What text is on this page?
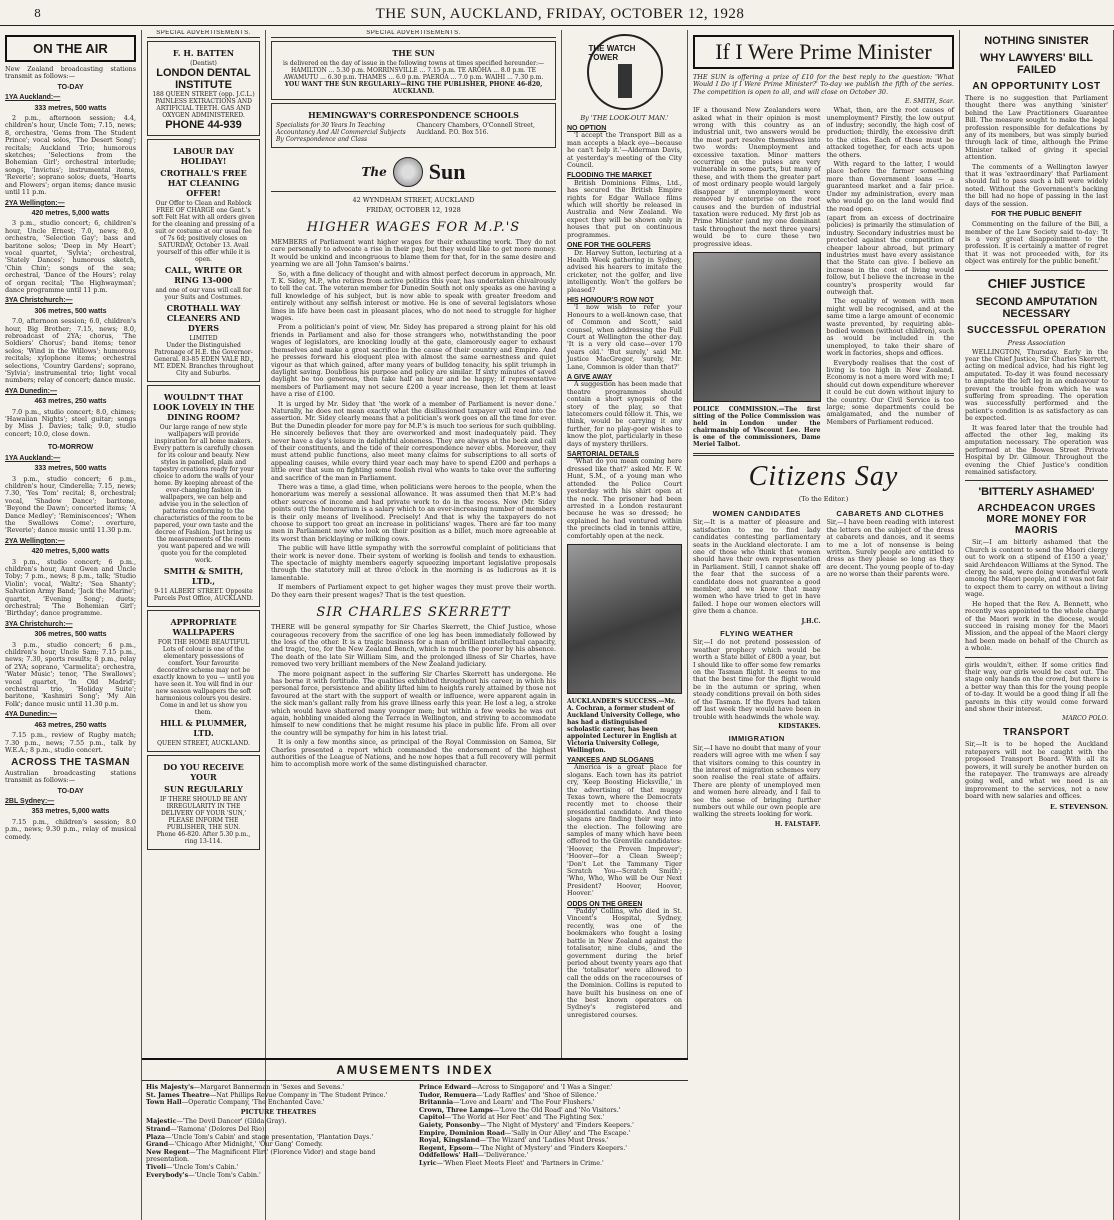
8	THE SUN, AUCKLAND, FRIDAY, OCTOBER 12, 1928
ON THE AIR

New Zealand broadcasting stations transmit as follows:—

TO-DAY
1YA Auckland:—
333 metres, 500 watts

2 p.m., afternoon session; 4.4, children's hour, Uncle Tom; 7.15, news; 8, orchestra, 'Gems from The Student Prince'; vocal solos, 'The Desert Song'; recitals; Auckland Trio; humorous sketches; 'Selections from the Bohemian Girl'; orchestral interlude; songs, 'Invictus'; instrumental items, 'Reverie'; soprano solos; duets, 'Hearts and Flowers'; organ items; dance music until 11 p.m.

2YA Wellington:—
420 metres, 5,000 watts

3 p.m., studio concert; 6, children's hour, Uncle Ernest; 7.0, news; 8.0, orchestra, 'Selection Gay'; bass and baritone solos; 'Deep in My Heart'; vocal quartet, 'Sylvia'; orchestral, 'Stately Dances'; humorous sketch, 'Chin Chin'; songs of the sea; orchestral, 'Dance of the Hours'; relay of organ recital; 'The Highwayman'; dance programme until 11 p.m.

3YA Christchurch:—
306 metres, 500 watts

7.0, afternoon session; 6.0, children's hour, Big Brother; 7.15, news; 8.0, rebroadcast of 2YA; chorus, 'The Soldiers' Chorus'; band items; tenor solos; 'Wind in the Willows'; humorous recitals; xylophone items; orchestral selections, 'Country Gardens'; soprano, 'Sylvia'; instrumental trio; light vocal numbers; relay of concert; dance music.

4YA Dunedin:—
463 metres, 250 watts

7.0 p.m., studio concert; 8.0, chimes; 'Hawaiian Nights'; steel guitar; songs by Miss J. Davies; talk; 9.0, studio concert; 10.0, close down.

TO-MORROW
1YA Auckland:—
333 metres, 500 watts

3 p.m., studio concert; 6 p.m., children's hour, Cinderella; 7.15, news; 7.30, 'Yes Tom' recital; 8, orchestral; vocal, 'Shadow Dance'; baritone, 'Beyond the Dawn'; concerted items; 'A Dance Medley'; 'Reminiscences'; 'When the Swallows Come'; overture, 'Reverie'; dance music until 11.30 p.m.

2YA Wellington:—
420 metres, 5,000 watts

3 p.m., studio concert; 6 p.m., children's hour, Aunt Gwen and Uncle Toby; 7 p.m., news; 8 p.m., talk; 'Studio Violin'; vocal, 'Waltz'; 'Sea Shanty'; Salvation Army Band; 'Jack the Marine'; quartet, 'Evening Song'; duets; orchestral; 'The Bohemian Girl'; 'Birthday'; dance programme.

3YA Christchurch:—
306 metres, 500 watts

3 p.m., studio concert; 6 p.m., children's hour, Uncle Sam; 7.15 p.m., news; 7.30, sports results; 8 p.m., relay of 2YA; soprano, 'Carmelita'; orchestra, 'Water Music'; tenor, 'The Swallows'; vocal quartet, 'In Old Madrid'; orchestral trio, 'Holiday Suite'; baritone, 'Kashmiri Song'; 'My Ain Folk'; dance music until 11.30 p.m.

4YA Dunedin:—
463 metres, 250 watts

7.15 p.m., review of Rugby match; 7.30 p.m., news; 7.55 p.m., talk by W.E.A.; 8 p.m., studio concert.

ACROSS THE TASMAN

Australian broadcasting stations transmit as follows:—

TO-DAY
2BL Sydney:—
353 metres, 5,000 watts

7.15 p.m., children's session; 8.0 p.m., news; 9.30 p.m., relay of musical comedy.

SPECIAL ADVERTISEMENTS.
F. H. BATTEN
(Dentist)
LONDON DENTAL
INSTITUTE
188 QUEEN STREET (opp. J.C.L.) PAINLESS EXTRACTIONS AND ARTIFICIAL TEETH. GAS AND OXYGEN ADMINISTERED.
PHONE 44-939
LABOUR DAY HOLIDAY!
CROTHALL'S FREE HAT CLEANING OFFER!
Our Offer to Clean and Reblock FREE OF CHARGE one Gent.'s soft Felt Hat with all orders given for the cleaning and pressing of a suit or costume at our usual fee of 7s 6d; positively closes on SATURDAY, October 13. Avail yourself of this offer while it is open.
CALL, WRITE OR RING 13-000
and one of our vans will call for your Suits and Costumes.
CROTHALL WAY CLEANERS AND DYERS
LIMITED
Under the Distinguished Patronage of H.E. the Governor-General. 83-85 EDEN VALE RD., MT. EDEN. Branches throughout City and Suburbs.
WOULDN'T THAT LOOK LOVELY IN THE DINING ROOM?
Our large range of new style wallpapers will provide inspiration for all home makers. Every pattern is carefully chosen for its colour and beauty. New styles in panelled, plain and tapestry creations ready for your choice to adorn the walls of your home. By keeping abreast of the ever-changing fashion in wallpapers, we can help and advise you in the selection of patterns conforming to the characteristics of the room to be papered, your own taste and the decree of Fashion. Just bring us the measurements of the room you want papered and we will quote you for the completed work.
SMITH & SMITH, LTD.,
9-11 ALBERT STREET. Opposite Parcels Post Office, AUCKLAND.
APPROPRIATE WALLPAPERS
FOR THE HOME BEAUTIFUL
Lots of colour is one of the elementary possessions of comfort. Your favourite decorative scheme may not be exactly known to you — until you have seen it. You will find in our new season wallpapers the soft harmonious colours you desire. Come in and let us show you them.
HILL & PLUMMER, LTD.
QUEEN STREET, AUCKLAND.
DO YOU RECEIVE YOUR
SUN REGULARLY
IF THERE SHOULD BE ANY IRREGULARITY IN THE DELIVERY OF YOUR 'SUN,' PLEASE INFORM THE PUBLISHER, THE SUN.
Phone 46-820. After 5.30 p.m., ring 13-114.
SPECIAL ADVERTISEMENTS.
THE SUN
is delivered on the day of issue in the following towns at times specified hereunder:—
HAMILTON ... 5.30 p.m. MORRINSVILLE ... 7.15 p.m. TE AROHA ... 8.0 p.m. TE AWAMUTU ... 6.30 p.m. THAMES ... 6.0 p.m. PAEROA ... 7.0 p.m. WAIHI ... 7.30 p.m.
YOU WANT THE SUN REGULARLY—RING THE PUBLISHER, PHONE 46-820, AUCKLAND.
HEMINGWAY'S CORRESPONDENCE SCHOOLS
Specialists for 30 Years In Teaching Accountancy And All Commercial Subjects By Correspondence and Class
Chancery Chambers, O'Connell Street, Auckland. P.O. Box 516.
The Sun
42 WYNDHAM STREET, AUCKLAND
FRIDAY, OCTOBER 12, 1928
HIGHER WAGES FOR M.P.'S

MEMBERS of Parliament want higher wages for their exhausting work. They do not care personally to advocate a rise in their pay, but they would like to get more money. It would be unkind and incongruous to blame them for that, for in the same desire and yearning we are all 'John Tamson's bairns.'

So, with a fine delicacy of thought and with almost perfect decorum in approach, Mr. T. K. Sidey, M.P., who retires from active politics this year, has undertaken chivalrously to tell the cat. The veteran member for Dunedin South not only speaks as one having a full knowledge of his subject, but is now able to speak with greater freedom and entirely without any selfish interest or motive. He is one of several legislators whose lines in life have been cast in pleasant places, who do not need to struggle for higher wages.

From a politician's point of view, Mr. Sidey has prepared a strong plaint for his old friends in Parliament and also for those strangers who, notwithstanding the poor wages of legislators, are knocking loudly at the gate, clamorously eager to exhaust themselves and make a great sacrifice in the cause of their country and Empire. And he presses forward his eloquent plea with almost the same earnestness and quiet vigour as that which gained, after many years of bulldog tenacity, his split triumph in daylight saving. Doubtless his purpose and policy are similar. If sixty minutes of saved daylight be too generous, then take half an hour and be happy; if representative members of Parliament may not secure £200 a year increase, then let them at least have a rise of £100.

It is urged by Mr. Sidey that 'the work of a member of Parliament is never done.' Naturally, he does not mean exactly what the disillusioned taxpayer will read into the assertion. Mr. Sidey clearly means that a politician's work goes on all the time for ever. But the Dunedin pleader for more pay for M.P.'s is much too serious for such quibbling. He sincerely believes that they are overworked and most inadequately paid. They never have a day's leisure in delightful aloneness. They are always at the beck and call of their constituents, and the tide of their correspondence never ebbs. Moreover, they must attend public functions, also meet many claims for subscriptions to all sorts of appealing causes, while every third year each may have to spend £200 and perhaps a little over that sum on fighting some foolish rival who wants to take over the suffering and sacrifice of the man in Parliament.

There was a time, a glad time, when politicians were heroes to the people, when the honorarium was merely a sessional allowance. It was assumed then that M.P.'s had other sources of income and had private work to do in the recess. Now (Mr. Sidey points out) the honorarium is a salary which to an ever-increasing number of members is their only means of livelihood. Precisely! And that is why the taxpayers do not choose to support too great an increase in politicians' wages. There are far too many men in Parliament now who look on their position as a billet, much more agreeable at its worst than bricklaying or milking cows.

The public will have little sympathy with the sorrowful complaint of politicians that their work is never done. Their system of working is foolish and tends to exhaustion. The spectacle of mighty members eagerly squeezing important legislative proposals through the statutory mill at three o'clock in the morning is as ludicrous as it is lamentable.

If members of Parliament expect to get higher wages they must prove their worth. Do they earn their present wages? That is the test question.

SIR CHARLES SKERRETT

THERE will be general sympathy for Sir Charles Skerrett, the Chief Justice, whose courageous recovery from the sacrifice of one leg has been immediately followed by the loss of the other. It is a tragic business for a man of brilliant intellectual capacity, and tragic, too, for the New Zealand Bench, which is much the poorer by his absence. The death of the late Sir William Sim, and the prolonged illness of Sir Charles, have removed two very brilliant members of the New Zealand judiciary.

The more poignant aspect in the suffering Sir Charles Skerrett has undergone. He has borne it with fortitude. The qualities exhibited throughout his career, in which his personal force, persistence and ability lifted him to heights rarely attained by those not favoured at the start with the support of wealth or influence, were apparent again in the sick man's gallant rally from his grave illness early this year. He lost a leg, a stroke which would have shattered many younger men; but within a few weeks he was out again, hobbling unaided along the Terrace in Wellington, and striving to accommodate himself to new conditions that he might resume his place in public life. From all over the country will be sympathy for him in his latest trial.

It is only a few months since, as principal of the Royal Commission on Samoa, Sir Charles presented a report which commanded the endorsement of the highest authorities of the League of Nations, and he now hopes that a full recovery will permit him to accomplish more work of the same distinguished character.

AMUSEMENTS INDEX
His Majesty's—Margaret Bannerman in 'Sexes and Sevens.'
St. James Theatre—Nat Phillips Revue Company in 'The Student Prince.'
Town Hall—Operatic Company, 'The Enchanted Cave.'
PICTURE THEATRES
Majestic—'The Devil Dancer' (Gilda Gray).
Strand—'Ramona' (Dolores Del Rio).
Plaza—'Uncle Tom's Cabin' and stage presentation, 'Plantation Days.'
Grand—'Chicago After Midnight,' 'Our Gang' Comedy.
New Regent—'The Magnificent Flirt' (Florence Vidor) and stage band presentation.
Tivoli—'Uncle Tom's Cabin.'
Everybody's—'Uncle Tom's Cabin.'
Prince Edward—Across to Singapore' and 'I Was a Singer.'
Tudor, Remuera—'Lady Raffles' and 'Shoe of Silence.'
Britannia—'Love and Learn' and 'The Four Flushers.'
Crown, Three Lamps—'Love the Old Road' and 'No Visitors.'
Capitol—'The World at Her Feet' and 'The Fighting Sex.'
Gaiety, Ponsonby—'The Night of Mystery' and 'Finders Keepers.'
Empire, Dominion Road—'Sally in Our Alley' and 'The Escape.'
Royal, Kingsland—'The Wizard' and 'Ladies Must Dress.'
Regent, Epsom—'The Night of Mystery' and 'Finders Keepers.'
Oddfellows' Hall—'Deliverance.'
Lyric—'When Fleet Meets Fleet' and 'Partners in Crime.'
THE WATCH TOWER
By 'THE LOOK-OUT MAN.'
NO OPTION

'I accept the Transport Bill as a man accepts a black eye—because he can't help it.'—Alderman Davis, at yesterday's meeting of the City Council.

FLOODING THE MARKET

British Dominions Films, Ltd., has secured the British Empire rights for Edgar Wallace films which will shortly be released in Australia and New Zealand. We expect they will be shown only in houses that put on continuous programmes.

ONE FOR THE GOLFERS

Dr. Harvey Sutton, lecturing at a Health Week gathering in Sydney, advised his hearers to imitate the cricketer, not the golfer, and live intelligently. Won't the golfers be pleased?

HIS HONOUR'S ROW NOT

'I now wish to refer your Honours to a well-known case, that of Common and Scott,' said counsel, when addressing the Full Court at Wellington the other day. 'It is a very old case—over 170 years old.' 'But surely,' said Mr. Justice MacGregor, 'surely, Mr. Lane, Common is older than that?'

A GIVE AWAY

A suggestion has been made that theatre programmes should contain a short synopsis of the story of the play, so that latecomers could follow it. This, we think, would be carrying it any further, for no play-goer wishes to know the plot, particularly in these days of mystery thrillers.

SARTORIAL DETAILS

'What do you mean coming here dressed like that?' asked Mr. F. W. Hunt, S.M., of a young man who attended the Police Court yesterday with his shirt open at the neck. The prisoner had been arrested in a London restaurant because he was so dressed; he explained he had ventured within the precincts clad in tennis attire, comfortably open at the neck.

AUCKLANDER'S SUCCESS.—Mr. A. Cochran, a former student of Auckland University College, who has had a distinguished scholastic career, has been appointed Lecturer in English at Victoria University College, Wellington.
YANKEES AND SLOGANS

America is a great place for slogans. Each town has its patriot cry, 'Keep Boosting Hicksville,' in the advertising of that muggy Texas town, where the Democrats recently met to choose their presidential candidate. And these slogans are finding their way into the election. The following are samples of many which have been offered to the Grenville candidates: 'Hoover, the Proven Improver'; 'Hoover—for a Clean Sweep'; 'Don't Let the Tammany Tiger Scratch You—Scratch Smith'; 'Who, Who, Who will be Our Next President? Hoover, Hoover, Hoover.'

ODDS ON THE GREEN

'Paddy' Collins, who died in St. Vincent's Hospital, Sydney, recently, was one of the bookmakers who fought a losing battle in New Zealand against the totalisator, nine clubs, and the government during the brief period about twenty years ago that the 'totalisator' were allowed to call the odds on the racecourses of the Dominion. Collins is reputed to have built his business on one of the best known operators on Sydney's registered and unregistered courses.

If I Were Prime Minister

THE SUN is offering a prize of £10 for the best reply to the question: 'What Would I Do if I Were Prime Minister?' To-day we publish the fifth of the series. The competition is open to all, and will close on October 30.

E. SMITH, Scar.

IF a thousand New Zealanders were asked what in their opinion is most wrong with this country as an industrial unit, two answers would be the most part resolve themselves into two words: Unemployment and excessive taxation. Minor matters occurring on the pulses are very vulnerable in some parts, but many of these, and with them the greater part of most ordinary people would largely disappear if unemployment were removed by enterprise on the root causes and the burden of industrial taxation were reduced. My first job as Prime Minister (and my one dominant task throughout the next three years) would be to cure these two progressive ideas.

POLICE COMMISSION.—The first sitting of the Police Commission was held in London under the chairmanship of Viscount Lee. Here is one of the commissioners, Dame Meriel Talbot.

What, then, are the root causes of unemployment? Firstly, the low output of industry; secondly, the high cost of production; thirdly, the excessive drift to the cities. Each of these must be attacked together, for each acts upon the others.

With regard to the latter, I would place before the farmer something more than Government loans — a guaranteed market and a fair price. Under my administration, every man who would go on the land would find the road open.

(apart from an excess of doctrinaire policies) is primarily the stimulation of industry. Secondary industries must be protected against the competition of cheaper labour abroad, but primary industries must have every assistance that the State can give. I believe an increase in the cost of living would follow, but I believe the increase in the country's prosperity would far outweigh that.

The equality of women with men might well be recognised, and at the same time a large amount of economic waste prevented, by requiring able-bodied women (without children), such as would be included in the unemployed, to take their share of work in factories, shops and offices.

Everybody realises that the cost of living is too high in New Zealand. Economy is not a mere word with me; I should cut down expenditure wherever it could be cut down without injury to the country. Our Civil Service is too large; some departments could be amalgamated, and the number of Members of Parliament reduced.

Citizens Say
(To the Editor.)
WOMEN CANDIDATES

Sir,—It is a matter of pleasure and satisfaction to me to find lady candidates contesting parliamentary seats in the Auckland electorate. I am one of those who think that women should have their own representation in Parliament. Still, I cannot shake off the fear that the success of a candidate does not guarantee a good member, and we know that many women who have tried to get in have failed. I hope our women electors will give them a chance.

J.H.C.
FLYING WEATHER

Sir,—I do not pretend possession of weather prophecy which would be worth a State billet of £800 a year, but I should like to offer some few remarks on the Tasman flight. It seems to me that the best time for the flight would be in the autumn or spring, when steady conditions prevail on both sides of the Tasman. If the flyers had taken off last week they would have been in trouble with headwinds the whole way.

KIDSTAKES.
IMMIGRATION

Sir,—I have no doubt that many of your readers will agree with me when I say that visitors coming to this country in the interest of migration schemes very soon realise the real state of affairs. There are plenty of unemployed men and women here already, and I fail to see the sense of bringing further numbers out while our own people are walking the streets looking for work.

H. FALSTAFF.
CABARETS AND CLOTHES

Sir,—I have been reading with interest the letters on the subject of the dress at cabarets and dances, and it seems to me a lot of nonsense is being written. Surely people are entitled to dress as they please so long as they are decent. The young people of to-day are no worse than their parents were.

NOTHING SINISTER
WHY LAWYERS' BILL FAILED
AN OPPORTUNITY LOST

There is no suggestion that Parliament thought there was anything 'sinister' behind the Law Practitioners Guarantee Bill. The measure sought to make the legal profession responsible for defalcations by any of its members, but was simply buried through lack of time, although the Prime Minister talked of giving it special attention.

The comments of a Wellington lawyer that it was 'extraordinary' that Parliament should fail to pass such a bill were widely noted. Without the Government's backing the bill had no hope of passing in the last days of the session.

FOR THE PUBLIC BENEFIT

Commenting on the failure of the Bill, a member of the Law Society said to-day: 'It is a very great disappointment to the profession. It is certainly a matter of regret that it was not proceeded with, for its object was entirely for the public benefit.'

CHIEF JUSTICE
SECOND AMPUTATION NECESSARY
SUCCESSFUL OPERATION
Press Association

WELLINGTON, Thursday. Early in the year the Chief Justice, Sir Charles Skerrett, acting on medical advice, had his right leg amputated. To-day it was found necessary to amputate the left leg in an endeavour to prevent the trouble from which he was suffering from spreading. The operation was successfully performed and the patient's condition is as satisfactory as can be expected.

It was feared later that the trouble had affected the other leg, making its amputation necessary. The operation was performed at the Bowen Street Private Hospital by Dr. Gilmour. Throughout the evening the Chief Justice's condition remained satisfactory.

'BITTERLY ASHAMED'
ARCHDEACON URGES MORE MONEY FOR MAORIS

Sir,—I am bitterly ashamed that the Church is content to send the Maori clergy out to work on a stipend of £150 a year,' said Archdeacon Williams at the Synod. The clergy, he said, were doing wonderful work among the Maori people, and it was not fair to expect them to carry on without a living wage.

He hoped that the Rev. A. Bennett, who recently was appointed to the whole charge of the Maori work in the diocese, would succeed in raising money for the Maori Mission, and the appeal of the Maori clergy had been made on behalf of the Church as a whole.

girls wouldn't, either. If some critics find their way, our girls would be cast out. The stage only hands on the crowd, but there is a better way than this for the young people of to-day. It would be a good thing if all the parents in this city would come forward and show their interest.

MARCO POLO.
TRANSPORT

Sir,—It is to be hoped the Auckland ratepayers will not be caught with the proposed Transport Board. With all its powers, it will surely be another burden on the ratepayer. The tramways are already going well, and what we need is an improvement to the services, not a new board with new salaries and offices.

E. STEVENSON.
